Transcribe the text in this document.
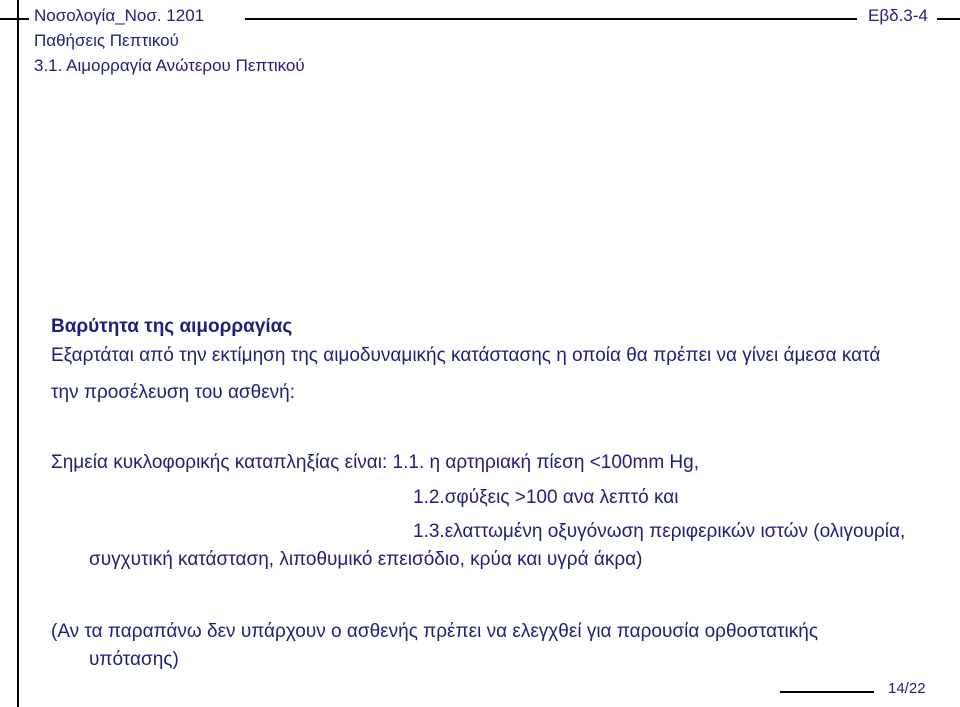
Νοσολογία_Νοσ. 1201
Παθήσεις Πεπτικού
3.1. Αιμορραγία Ανώτερου Πεπτικού
Εβδ.3-4
Βαρύτητα της αιμορραγίας
Εξαρτάται από την εκτίμηση της αιμοδυναμικής κατάστασης η οποία θα πρέπει να γίνει άμεσα κατά
την προσέλευση του ασθενή:
Σημεία κυκλοφορικής καταπληξίας είναι: 1.1. η αρτηριακή πίεση <100mm Hg,
1.2.σφύξεις >100 ανα λεπτό και
1.3.ελαττωμένη οξυγόνωση περιφερικών ιστών (ολιγουρία,
συγχυτική κατάσταση, λιποθυμικό επεισόδιο, κρύα και υγρά άκρα)
(Αν τα παραπάνω δεν υπάρχουν ο ασθενής πρέπει να ελεγχθεί για παρουσία ορθοστατικής
υπότασης)
14/22
